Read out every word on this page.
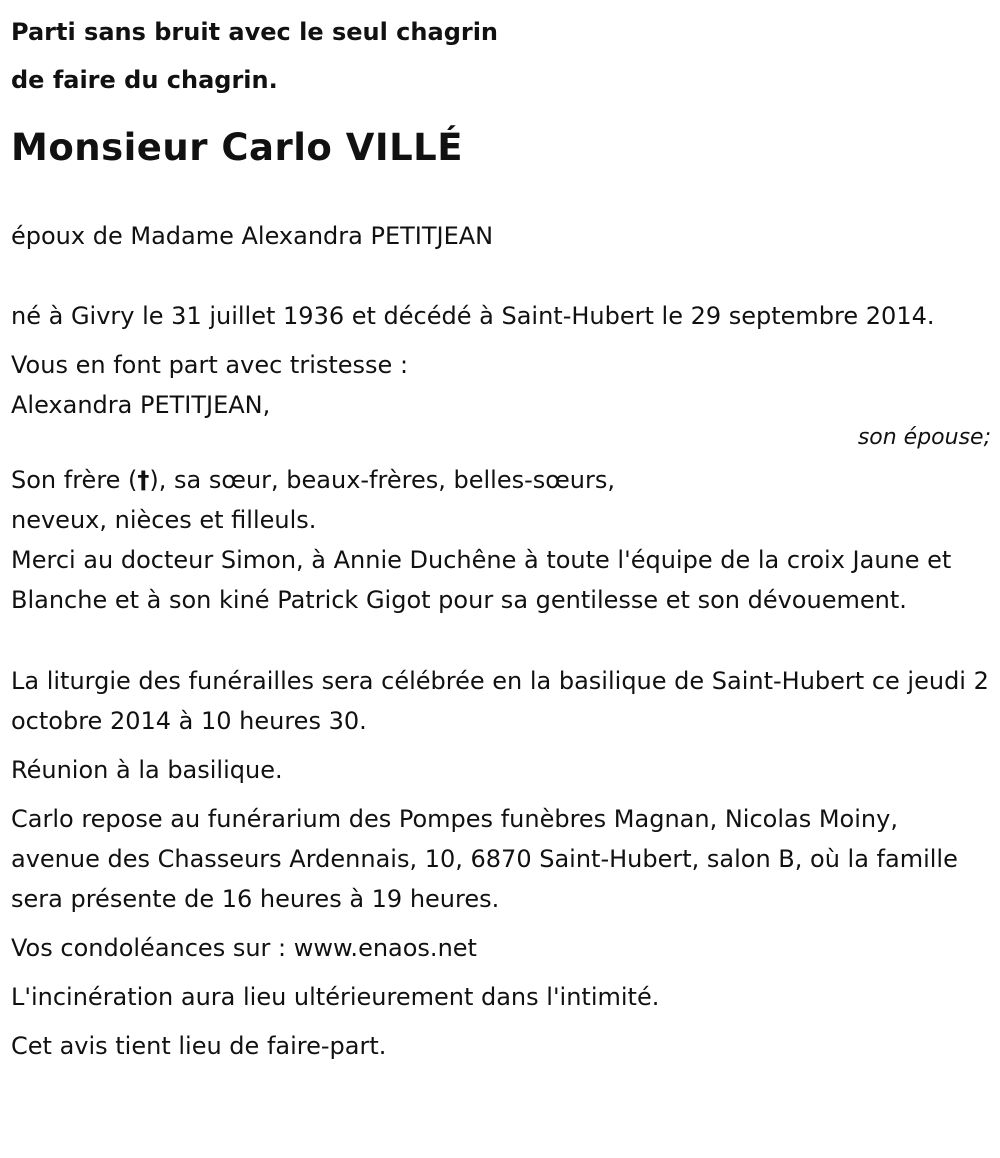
Parti sans bruit avec le seul chagrin

de faire du chagrin.

Monsieur Carlo VILLÉ

époux de Madame Alexandra PETITJEAN

né à Givry le 31 juillet 1936 et décédé à Saint-Hubert le 29 septembre 2014.

Vous en font part avec tristesse :

Alexandra PETITJEAN,

son épouse;

Son frère (†), sa sœur, beaux-frères, belles-sœurs,

neveux, nièces et filleuls.

Merci au docteur Simon, à Annie Duchêne à toute l'équipe de la croix Jaune et Blanche et à son kiné Patrick Gigot pour sa gentilesse et son dévouement.

La liturgie des funérailles sera célébrée en la basilique de Saint-Hubert ce jeudi 2 octobre 2014 à 10 heures 30.

Réunion à la basilique.

Carlo repose au funérarium des Pompes funèbres Magnan, Nicolas Moiny, avenue des Chasseurs Ardennais, 10, 6870 Saint-Hubert, salon B, où la famille sera présente de 16 heures à 19 heures.

Vos condoléances sur : www.enaos.net

L'incinération aura lieu ultérieurement dans l'intimité.

Cet avis tient lieu de faire-part.
